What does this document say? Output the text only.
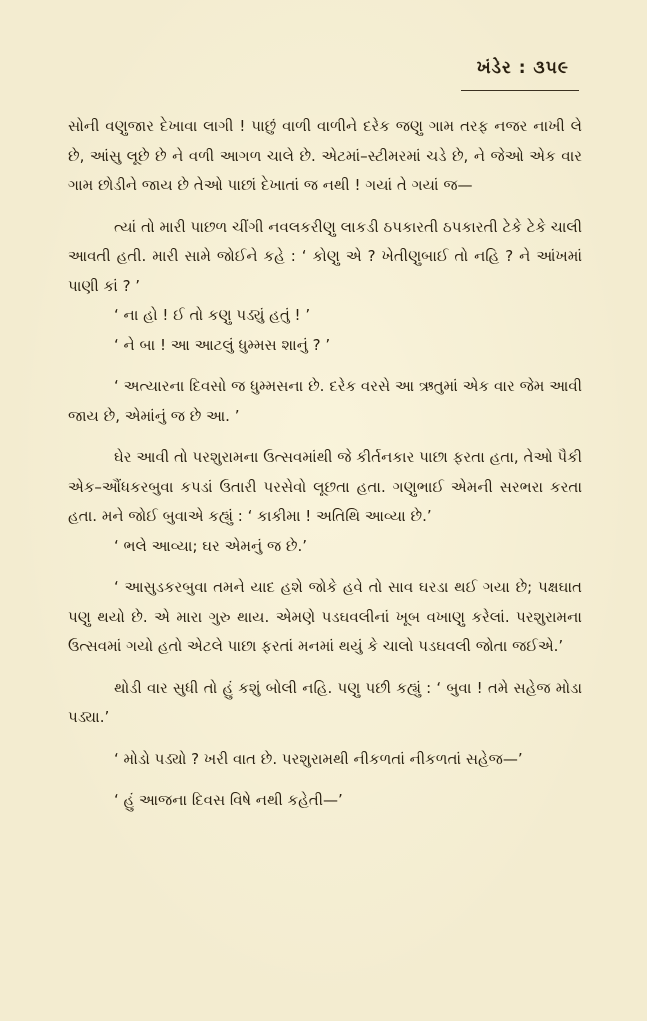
ખંડેર : ૩૫૯

સોની વણુજાર દેખાવા લાગી ! પાછું વાળી વાળીને દરેક જણુ ગામ તરફ નજર નાખી લે છે, આંસુ લૂછે છે ને વળી આગળ ચાલે છે. એટમાં–સ્ટીમરમાં ચડે છે, ને જેઓ એક વાર ગામ છોડીને જાય છે તેઓ પાછાં દેખાતાં જ નથી ! ગયાં તે ગયાં જ—

ત્યાં તો મારી પાછળ ચીંગી નવલકરીણુ લાકડી ઠપકારતી ઠપકારતી ટેકે ટેકે ચાલી આવતી હતી. મારી સામે જોઈને કહે : ‘ કોણુ એ ? ખેતીણુબાઈ તો નહિ ? ને આંખમાં પાણી કાં ? ’

‘ ના હો ! ઈ તો કણુ પડ્યું હતું ! ’

‘ ને બા ! આ આટલું ધુમ્મસ શાનું ? ’

‘ અત્યારના દિવસો જ ધુમ્મસના છે. દરેક વરસે આ ઋતુમાં એક વાર જેમ આવી જાય છે, એમાંનું જ છે આ. ’

ઘેર આવી તો પરશુરામના ઉત્સવમાંથી જે કીર્તનકાર પાછા ફરતા હતા, તેઓ પૈકી એક–ઔંધકરબુવા કપડાં ઉતારી પરસેવો લૂછતા હતા. ગણુભાઈ એમની સરભરા કરતા હતા. મને જોઈ બુવાએ કહ્યું : ‘ કાકીમા ! અતિથિ આવ્યા છે.’

‘ ભલે આવ્યા; ઘર એમનું જ છે.’

‘ આસુડકરબુવા તમને યાદ હશે જોકે હવે તો સાવ ઘરડા થઈ ગયા છે; પક્ષઘાત પણુ થયો છે. એ મારા ગુરુ થાય. એમણે પડઘવલીનાં ખૂબ વખાણુ કરેલાં. પરશુરામના ઉત્સવમાં ગયો હતો એટલે પાછા ફરતાં મનમાં થયું કે ચાલો પડઘવલી જોતા જઈએ.’

થોડી વાર સુધી તો હું કશું બોલી નહિ. પણુ પછી કહ્યું : ‘ બુવા ! તમે સહેજ મોડા પડ્યા.’

‘ મોડો પડ્યો ? ખરી વાત છે. પરશુરામથી નીકળતાં નીકળતાં સહેજ—’

‘ હું આજના દિવસ વિષે નથી કહેતી—’
